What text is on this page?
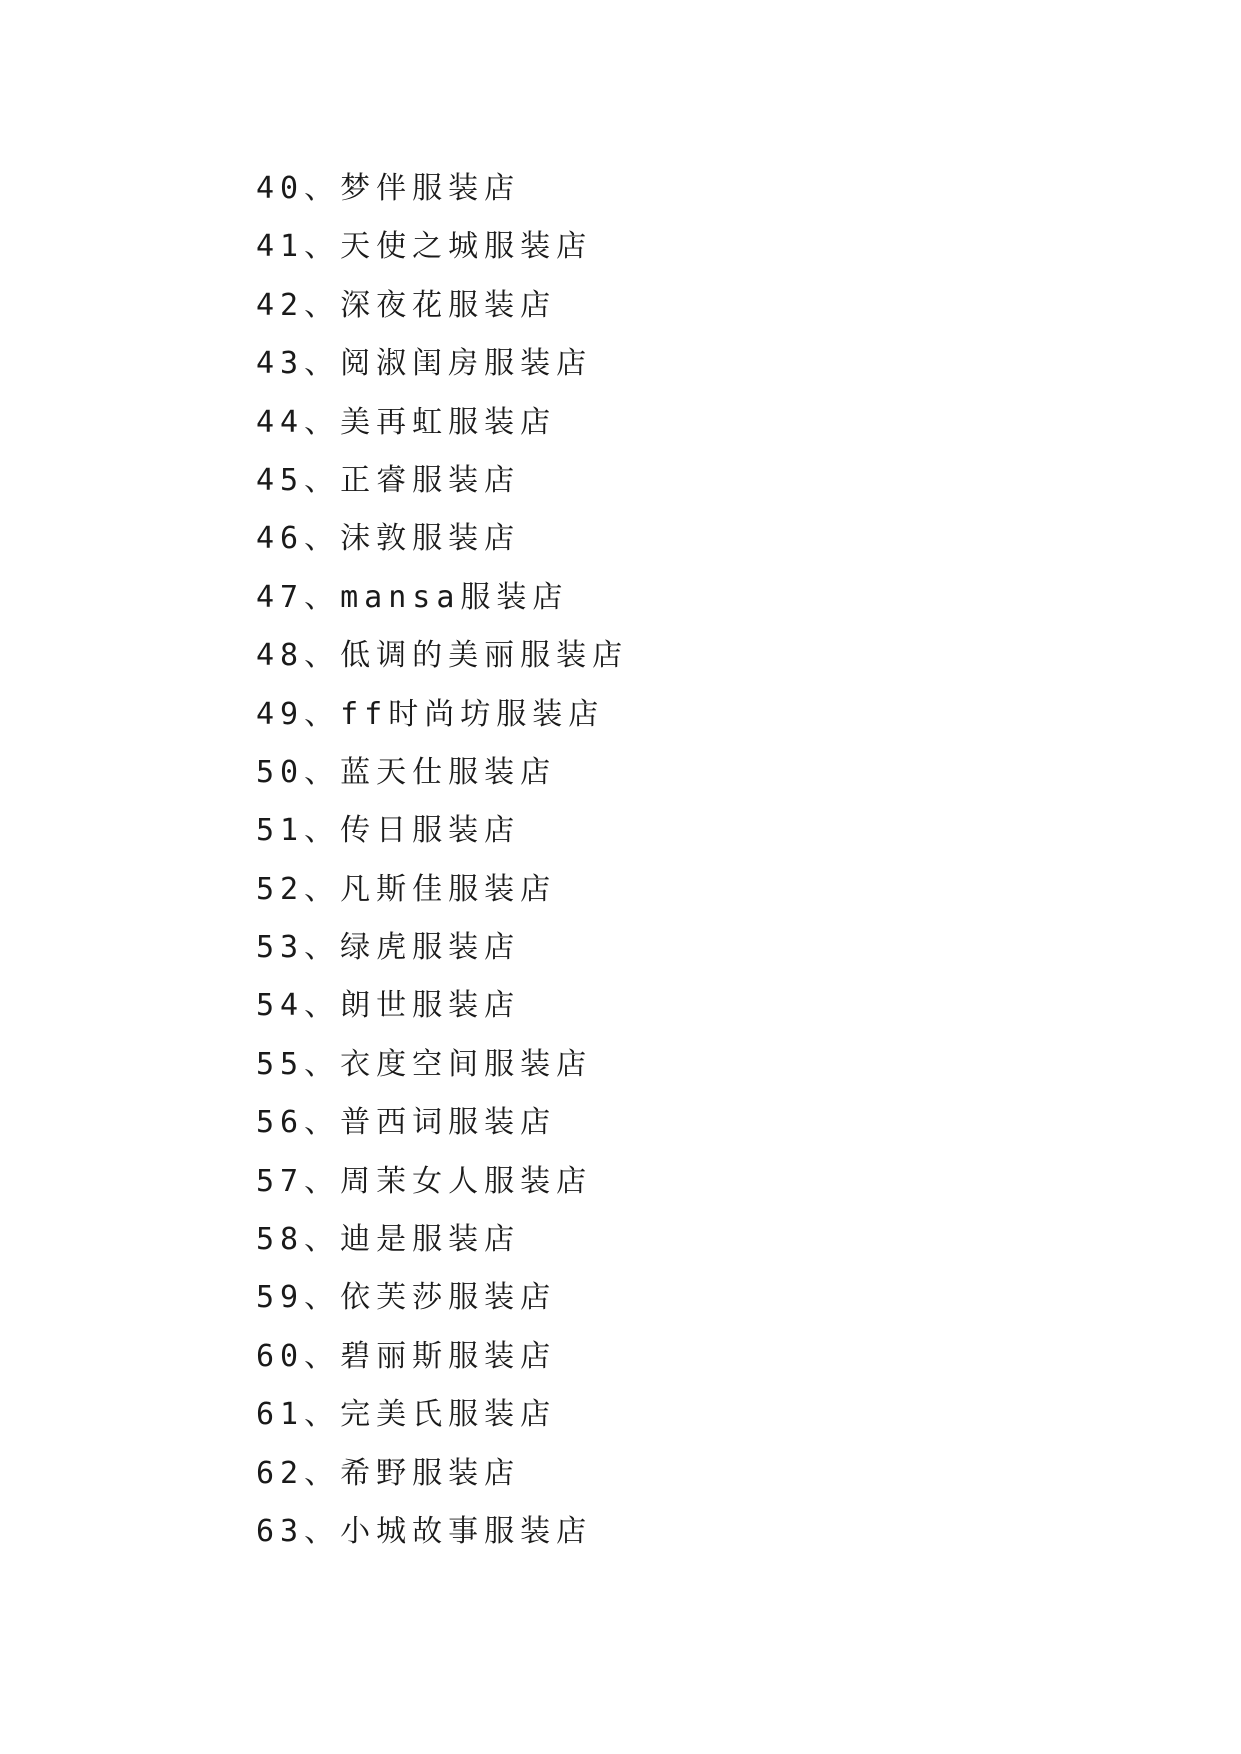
40、梦伴服装店
41、天使之城服装店
42、深夜花服装店
43、阅淑闺房服装店
44、美再虹服装店
45、正睿服装店
46、沫敦服装店
47、mansa服装店
48、低调的美丽服装店
49、ff时尚坊服装店
50、蓝天仕服装店
51、传日服装店
52、凡斯佳服装店
53、绿虎服装店
54、朗世服装店
55、衣度空间服装店
56、普西词服装店
57、周茉女人服装店
58、迪是服装店
59、依芙莎服装店
60、碧丽斯服装店
61、完美氏服装店
62、希野服装店
63、小城故事服装店
